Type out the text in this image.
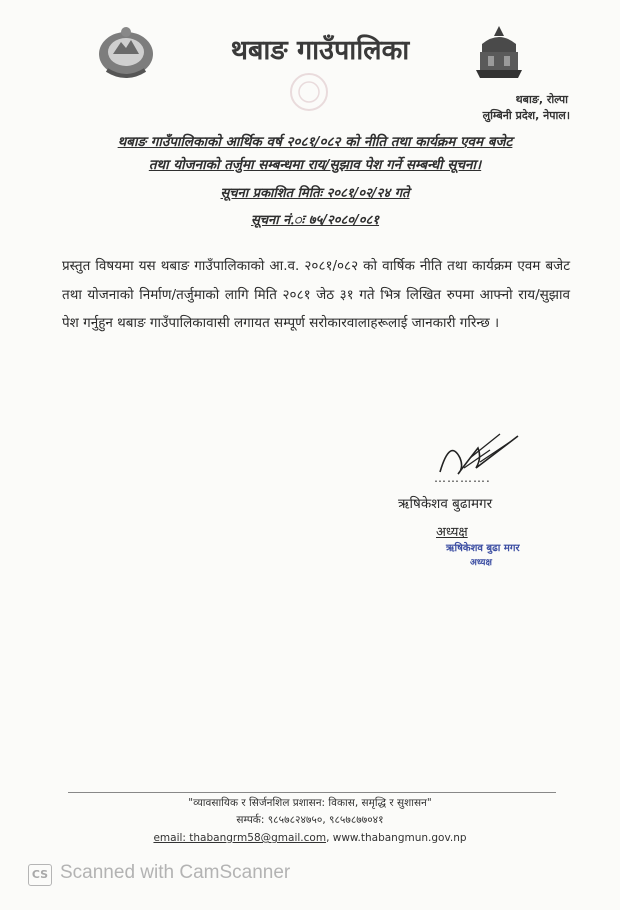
थबाङ गाउँपालिका
थबाङ, रोल्पा
लुम्बिनी प्रदेश, नेपाल।
थबाङ गाउँपालिकाको आर्थिक वर्ष २०८१/०८२ को नीति तथा कार्यक्रम एवम बजेट
तथा योजनाको तर्जुमा सम्बन्धमा राय/सुझाव पेश गर्ने सम्बन्धी सूचना।
सूचना प्रकाशित मितिः २०८१/०२/२४ गते
सूचना नं.ः ७५/२०८०/०८१
प्रस्तुत विषयमा यस थबाङ गाउँपालिकाको आ.व. २०८१/०८२ को वार्षिक नीति तथा कार्यक्रम एवम बजेट तथा योजनाको निर्माण/तर्जुमाको लागि मिति २०८१ जेठ ३१ गते भित्र लिखित रुपमा आफ्नो राय/सुझाव पेश गर्नुहुन थबाङ गाउँपालिकावासी लगायत सम्पूर्ण सरोकारवालाहरूलाई जानकारी गरिन्छ ।
………….
ऋषिकेशव बुढामगर
अध्यक्ष
ऋषिकेशव बुढा मगर
अध्यक्ष
"व्यावसायिक र सिर्जनशिल प्रशासन: विकास, समृद्धि र सुशासन"
सम्पर्क: ९८५७८२४७५०, ९८५७८७७०४१
email: thabangrm58@gmail.com, www.thabangmun.gov.np
CS Scanned with CamScanner
